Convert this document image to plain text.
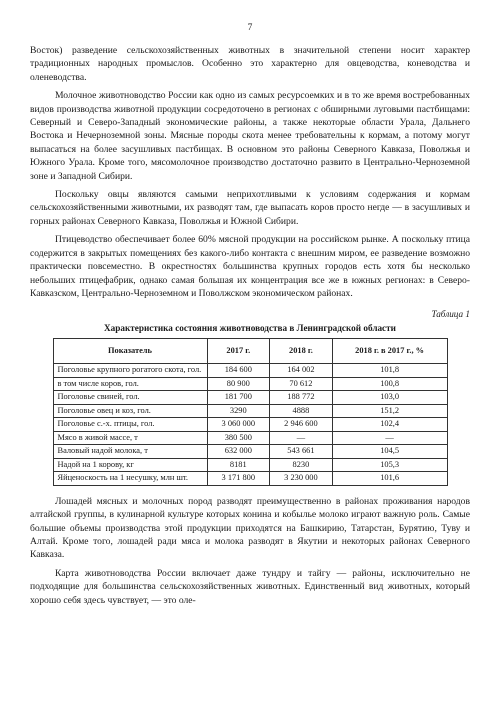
7

Восток) разведение сельскохозяйственных животных в значительной степени носит характер традиционных народных промыслов. Особенно это характерно для овцеводства, коневодства и оленеводства.

Молочное животноводство России как одно из самых ресурсоемких и в то же время востребованных видов производства животной продукции сосредоточено в регионах с обширными луговыми пастбищами: Северный и Северо-Западный экономические районы, а также некоторые области Урала, Дальнего Востока и Нечерноземной зоны. Мясные породы скота менее требовательны к кормам, а потому могут выпасаться на более засушливых пастбищах. В основном это районы Северного Кавказа, Поволжья и Южного Урала. Кроме того, мясомолочное производство достаточно развито в Центрально-Черноземной зоне и Западной Сибири.

Поскольку овцы являются самыми неприхотливыми к условиям содержания и кормам сельскохозяйственными животными, их разводят там, где выпасать коров просто негде — в засушливых и горных районах Северного Кавказа, Поволжья и Южной Сибири.

Птицеводство обеспечивает более 60% мясной продукции на российском рынке. А поскольку птица содержится в закрытых помещениях без какого-либо контакта с внешним миром, ее разведение возможно практически повсеместно. В окрестностях большинства крупных городов есть хотя бы несколько небольших птицефабрик, однако самая большая их концентрация все же в южных регионах: в Северо-Кавказском, Центрально-Черноземном и Поволжском экономическом районах.

Таблица 1
Характеристика состояния животноводства в Ленинградской области
Показатель	2017 г.	2018 г.	2018 г. в 2017 г., %
Поголовье крупного рогатого скота, гол.	184 600	164 002	101,8
в том числе коров, гол.	80 900	70 612	100,8
Поголовье свиней, гол.	181 700	188 772	103,0
Поголовье овец и коз, гол.	3290	4888	151,2
Поголовье с.-х. птицы, гол.	3 060 000	2 946 600	102,4
Мясо в живой массе, т	380 500	—	—
Валовый надой молока, т	632 000	543 661	104,5
Надой на 1 корову, кг	8181	8230	105,3
Яйценоскость на 1 несушку, млн шт.	3 171 800	3 230 000	101,6

Лошадей мясных и молочных пород разводят преимущественно в районах проживания народов алтайской группы, в кулинарной культуре которых конина и кобылье молоко играют важную роль. Самые большие объемы производства этой продукции приходятся на Башкирию, Татарстан, Бурятию, Туву и Алтай. Кроме того, лошадей ради мяса и молока разводят в Якутии и некоторых районах Северного Кавказа.

Карта животноводства России включает даже тундру и тайгу — районы, исключительно не подходящие для большинства сельскохозяйственных животных. Единственный вид животных, который хорошо себя здесь чувствует, — это оле-
